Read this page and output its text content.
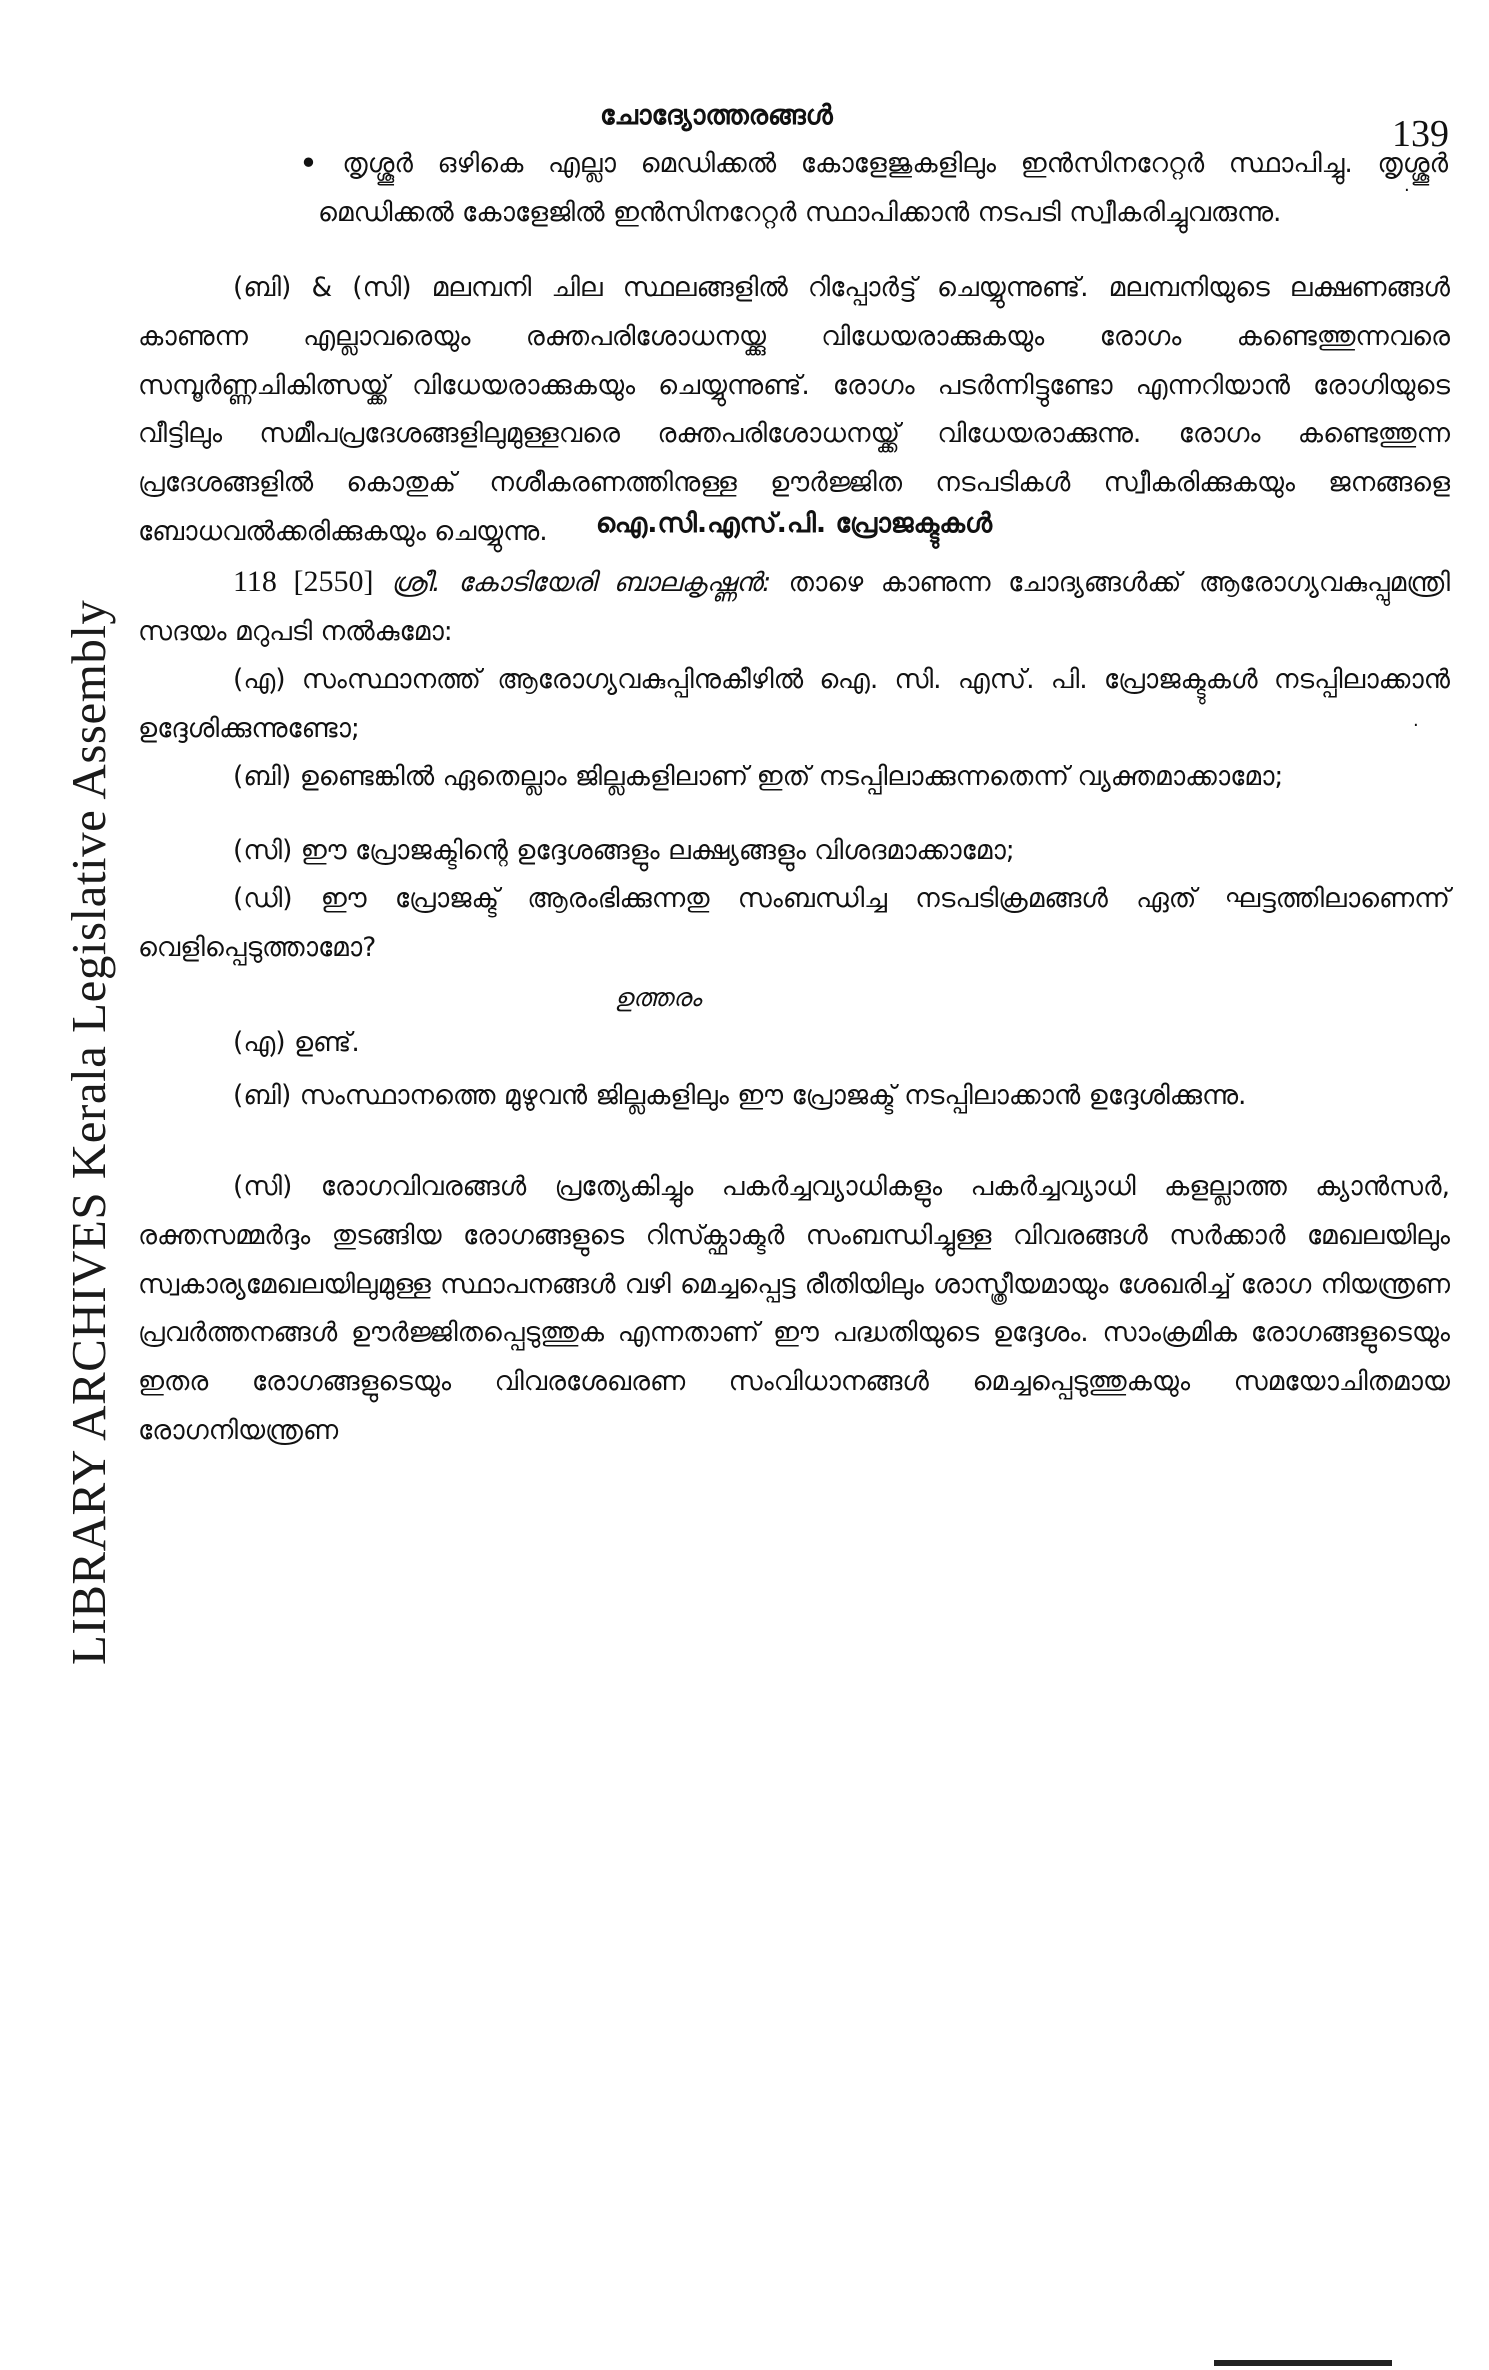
LIBRARY ARCHIVES Kerala Legislative Assembly
ചോദ്യോത്തരങ്ങൾ	139
.
• തൃശ്ശൂർ ഒഴികെ എല്ലാ മെഡിക്കൽ കോളേജുകളിലും ഇൻസിനറേറ്റർ സ്ഥാപിച്ചു. തൃശ്ശൂർ മെഡിക്കൽ കോളേജിൽ ഇൻസിനറേറ്റർ സ്ഥാപിക്കാൻ നടപടി സ്വീകരിച്ചുവരുന്നു.
(ബി) & (സി) മലമ്പനി ചില സ്ഥലങ്ങളിൽ റിപ്പോർട്ട് ചെയ്യുന്നുണ്ട്. മലമ്പനിയുടെ ലക്ഷണങ്ങൾ കാണുന്ന എല്ലാവരെയും രക്തപരിശോധനയ്ക്കു വിധേയരാക്കുകയും രോഗം കണ്ടെത്തുന്നവരെ സമ്പൂർണ്ണചികിത്സയ്ക്ക് വിധേയരാക്കുകയും ചെയ്യുന്നുണ്ട്. രോഗം പടർന്നിട്ടുണ്ടോ എന്നറിയാൻ രോഗിയുടെ വീട്ടിലും സമീപപ്രദേശങ്ങളിലുമുള്ളവരെ രക്തപരിശോധനയ്ക്ക് വിധേയരാക്കുന്നു. രോഗം കണ്ടെത്തുന്ന പ്രദേശങ്ങളിൽ കൊതുക് നശീകരണത്തിനുള്ള ഊർജ്ജിത നടപടികൾ സ്വീകരിക്കുകയും ജനങ്ങളെ ബോധവൽക്കരിക്കുകയും ചെയ്യുന്നു.
.
ഐ.സി.എസ്.പി. പ്രോജക്ടുകൾ
118 [2550] ശ്രീ. കോടിയേരി ബാലകൃഷ്ണൻ: താഴെ കാണുന്ന ചോദ്യങ്ങൾക്ക് ആരോഗ്യവകുപ്പുമന്ത്രി സദയം മറുപടി നൽകുമോ:
(എ) സംസ്ഥാനത്ത് ആരോഗ്യവകുപ്പിനുകീഴിൽ ഐ. സി. എസ്. പി. പ്രോജക്ടുകൾ നടപ്പിലാക്കാൻ ഉദ്ദേശിക്കുന്നുണ്ടോ;
(ബി) ഉണ്ടെങ്കിൽ ഏതെല്ലാം ജില്ലകളിലാണ് ഇത് നടപ്പിലാക്കുന്നതെന്ന് വ്യക്തമാക്കാമോ;
(സി) ഈ പ്രോജക്ടിന്റെ ഉദ്ദേശങ്ങളും ലക്ഷ്യങ്ങളും വിശദമാക്കാമോ;
(ഡി) ഈ പ്രോജക്ട് ആരംഭിക്കുന്നതു സംബന്ധിച്ച നടപടിക്രമങ്ങൾ ഏത് ഘട്ടത്തിലാണെന്ന് വെളിപ്പെടുത്താമോ?
ഉത്തരം
(എ) ഉണ്ട്.
(ബി) സംസ്ഥാനത്തെ മുഴുവൻ ജില്ലകളിലും ഈ പ്രോജക്ട് നടപ്പിലാക്കാൻ ഉദ്ദേശിക്കുന്നു.
(സി) രോഗവിവരങ്ങൾ പ്രത്യേകിച്ചും പകർച്ചവ്യാധികളും പകർച്ചവ്യാധി കളല്ലാത്ത ക്യാൻസർ, രക്തസമ്മർദ്ദം തുടങ്ങിയ രോഗങ്ങളുടെ റിസ്ക്ഫാക്ടർ സംബന്ധിച്ചുള്ള വിവരങ്ങൾ സർക്കാർ മേഖലയിലും സ്വകാര്യമേഖലയിലുമുള്ള സ്ഥാപനങ്ങൾ വഴി മെച്ചപ്പെട്ട രീതിയിലും ശാസ്ത്രീയമായും ശേഖരിച്ച് രോഗ നിയന്ത്രണ പ്രവർത്തനങ്ങൾ ഊർജ്ജിതപ്പെടുത്തുക എന്നതാണ് ഈ പദ്ധതിയുടെ ഉദ്ദേശം. സാംക്രമിക രോഗങ്ങളുടെയും ഇതര രോഗങ്ങളുടെയും വിവരശേഖരണ സംവിധാനങ്ങൾ മെച്ചപ്പെടുത്തുകയും സമയോചിതമായ രോഗനിയന്ത്രണ
